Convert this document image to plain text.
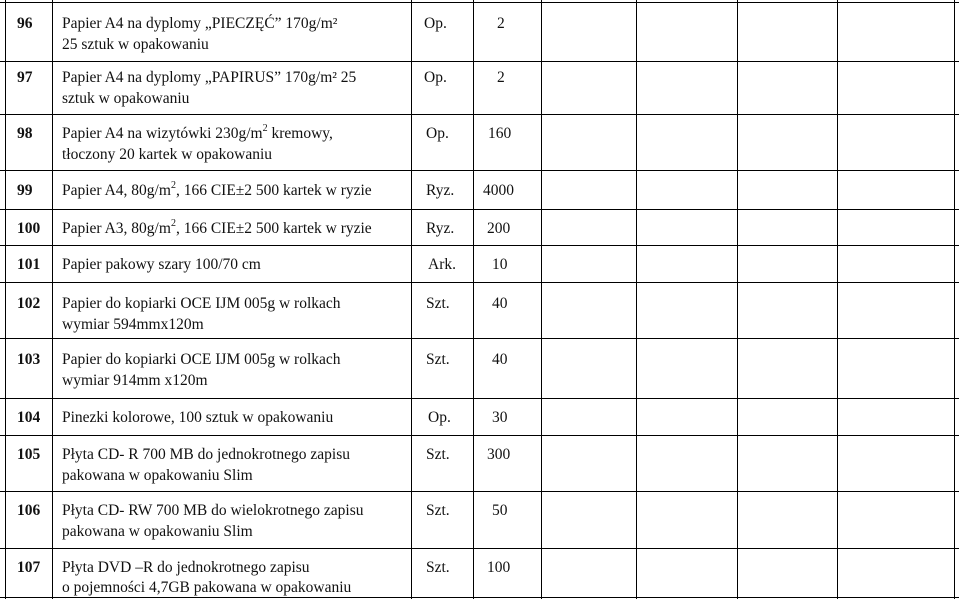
96 Papier A4 na dyplomy „PIECZĘĆ” 170g/m²
25 sztuk w opakowaniu
Op.	2
97 Papier A4 na dyplomy „PAPIRUS” 170g/m² 25
sztuk w opakowaniu
Op.	2
98 Papier A4 na wizytówki $230g/m^2$ kremowy,
tłoczony 20 kartek w opakowaniu
Op.	160
99 Papier A4, $80g/m^2$, 166 CIE±2 500 kartek w ryzie	Ryz. 4000
100 Papier A3, $80g/m^2$, 166 CIE±2 500 kartek w ryzie	Ryz. 200
101 Papier pakowy szary 100/70 cm	Ark. 10
102 Papier do kopiarki OCE IJM 005g w rolkach
wymiar 594mmx120m
Szt.	40
103 Papier do kopiarki OCE IJM 005g w rolkach
wymiar 914mm x120m
Szt.	40
104 Pinezki kolorowe, 100 sztuk w opakowaniu	Op.	30
105 Płyta CD- R 700 MB do jednokrotnego zapisu
pakowana w opakowaniu Slim
Szt. 300
106 Płyta CD- RW 700 MB do wielokrotnego zapisu
pakowana w opakowaniu Slim
Szt.	50
107 Płyta DVD –R do jednokrotnego zapisu
o pojemności 4,7GB pakowana w opakowaniu
Szt. 100
